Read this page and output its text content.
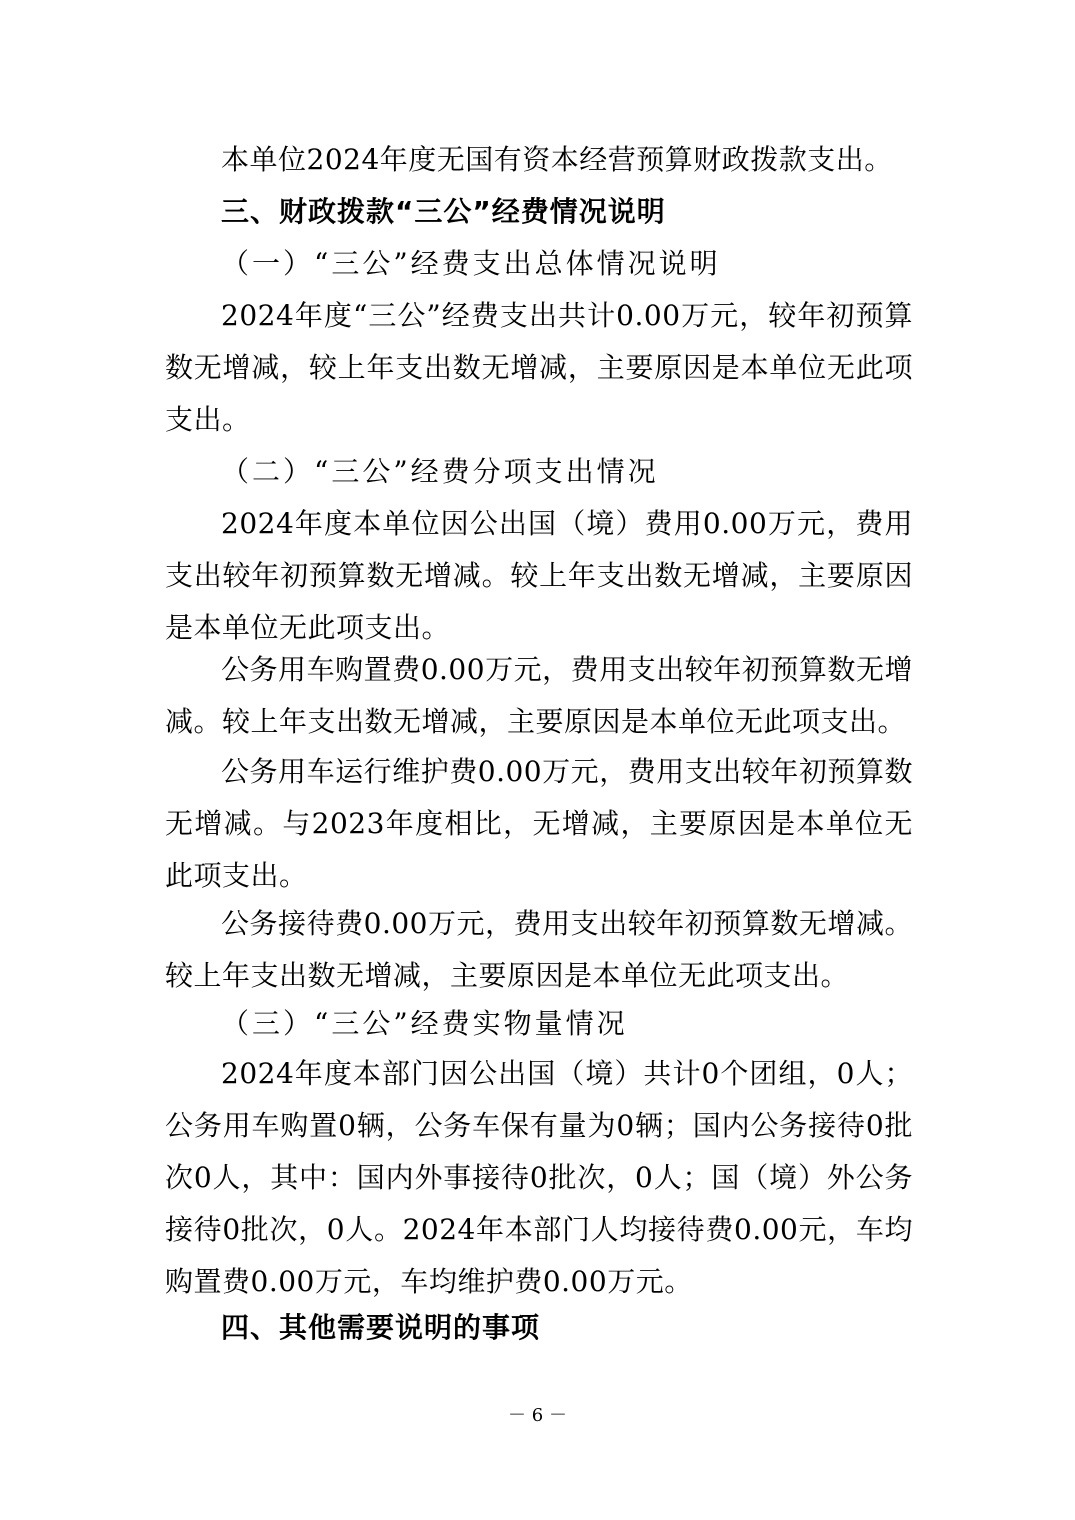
本单位2024年度无国有资本经营预算财政拨款支出。

三、财政拨款“三公”经费情况说明

（一）“三公”经费支出总体情况说明

2024年度“三公”经费支出共计0.00万元，较年初预算数无增减，较上年支出数无增减，主要原因是本单位无此项支出。

（二）“三公”经费分项支出情况

2024年度本单位因公出国（境）费用0.00万元，费用支出较年初预算数无增减。较上年支出数无增减，主要原因是本单位无此项支出。

公务用车购置费0.00万元，费用支出较年初预算数无增减。较上年支出数无增减，主要原因是本单位无此项支出。

公务用车运行维护费0.00万元，费用支出较年初预算数无增减。与2023年度相比，无增减，主要原因是本单位无此项支出。

公务接待费0.00万元，费用支出较年初预算数无增减。较上年支出数无增减，主要原因是本单位无此项支出。

（三）“三公”经费实物量情况

2024年度本部门因公出国（境）共计0个团组，0人；公务用车购置0辆，公务车保有量为0辆；国内公务接待0批次0人，其中：国内外事接待0批次，0人；国（境）外公务接待0批次，0人。2024年本部门人均接待费0.00元，车均购置费0.00万元，车均维护费0.00万元。

四、其他需要说明的事项

－ 6 －
